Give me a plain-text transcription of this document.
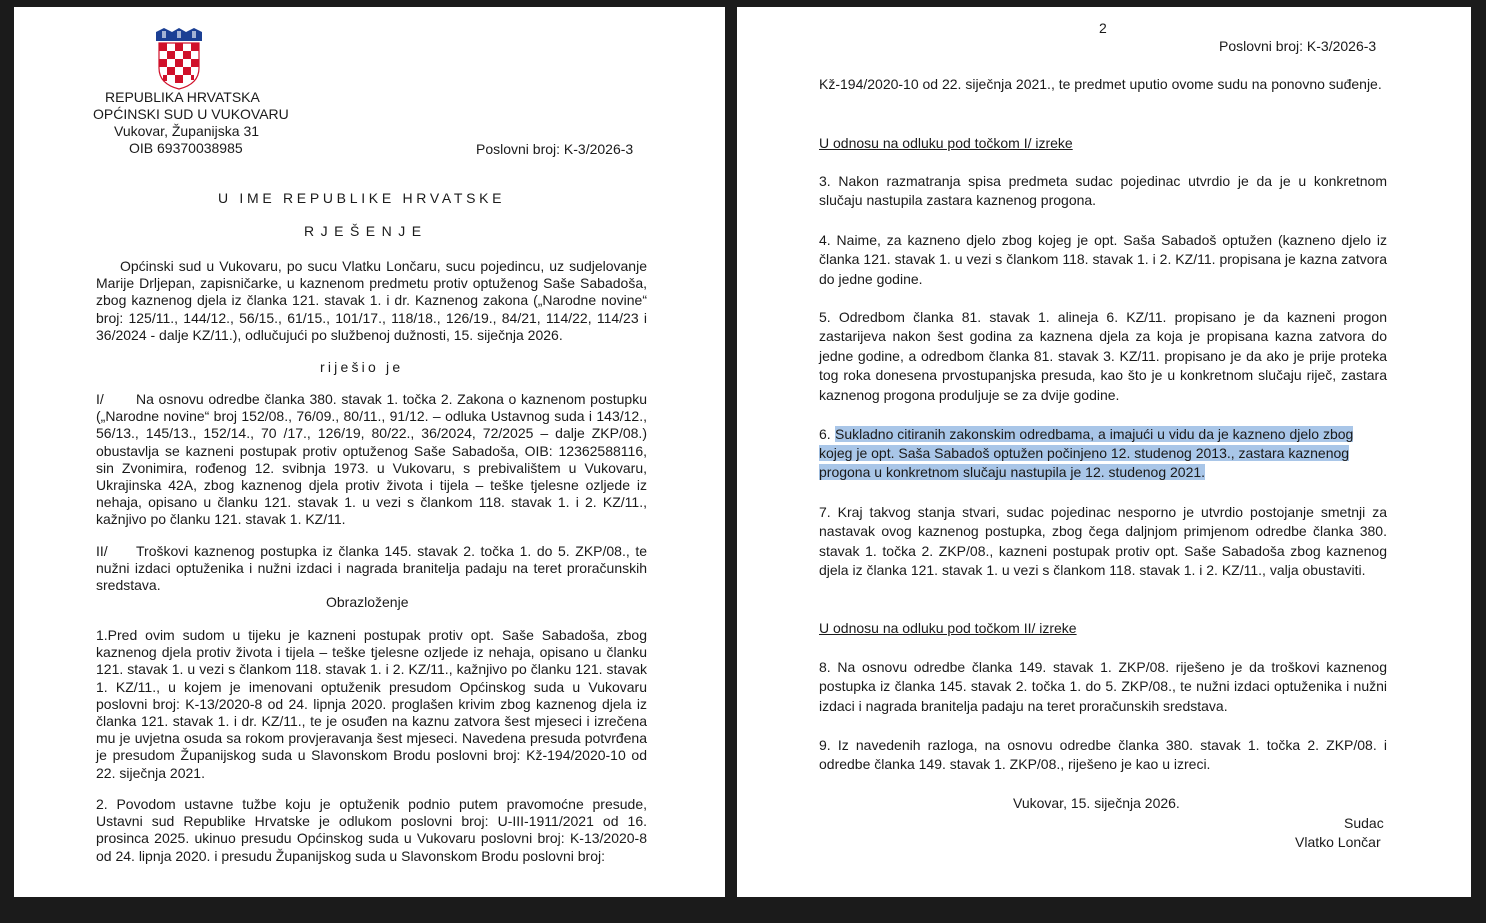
REPUBLIKA HRVATSKA

OPĆINSKI SUD U VUKOVARU

Vukovar, Županijska 31

OIB 69370038985	Poslovni broj: K-3/2026-3

U IME REPUBLIKE HRVATSKE

RJEŠENJE

Općinski sud u Vukovaru, po sucu Vlatku Lončaru, sucu pojedincu, uz sudjelovanje Marije Drljepan, zapisničarke, u kaznenom predmetu protiv optuženog Saše Sabadoša, zbog kaznenog djela iz članka 121. stavak 1. i dr. Kaznenog zakona („Narodne novine“ broj: 125/11., 144/12., 56/15., 61/15., 101/17., 118/18., 126/19., 84/21, 114/22, 114/23 i 36/2024 - dalje KZ/11.), odlučujući po službenoj dužnosti, 15. siječnja 2026.

riješio je

I/	Na osnovu odredbe članka 380. stavak 1. točka 2. Zakona o kaznenom postupku („Narodne novine“ broj 152/08., 76/09., 80/11., 91/12. – odluka Ustavnog suda i 143/12., 56/13., 145/13., 152/14., 70 /17., 126/19, 80/22., 36/2024, 72/2025 – dalje ZKP/08.) obustavlja se kazneni postupak protiv optuženog Saše Sabadoša, OIB: 12362588116, sin Zvonimira, rođenog 12. svibnja 1973. u Vukovaru, s prebivalištem u Vukovaru, Ukrajinska 42A, zbog kaznenog djela protiv života i tijela – teške tjelesne ozljede iz nehaja, opisano u članku 121. stavak 1. u vezi s člankom 118. stavak 1. i 2. KZ/11., kažnjivo po članku 121. stavak 1. KZ/11.

II/	Troškovi kaznenog postupka iz članka 145. stavak 2. točka 1. do 5. ZKP/08., te nužni izdaci optuženika i nužni izdaci i nagrada branitelja padaju na teret proračunskih sredstava.

Obrazloženje

1.Pred ovim sudom u tijeku je kazneni postupak protiv opt. Saše Sabadoša, zbog kaznenog djela protiv života i tijela – teške tjelesne ozljede iz nehaja, opisano u članku 121. stavak 1. u vezi s člankom 118. stavak 1. i 2. KZ/11., kažnjivo po članku 121. stavak 1. KZ/11., u kojem je imenovani optuženik presudom Općinskog suda u Vukovaru poslovni broj: K-13/2020-8 od 24. lipnja 2020. proglašen krivim zbog kaznenog djela iz članka 121. stavak 1. i dr. KZ/11., te je osuđen na kaznu zatvora šest mjeseci i izrečena mu je uvjetna osuda sa rokom provjeravanja šest mjeseci. Navedena presuda potvrđena je presudom Županijskog suda u Slavonskom Brodu poslovni broj: Kž-194/2020-10 od 22. siječnja 2021.

2. Povodom ustavne tužbe koju je optuženik podnio putem pravomoćne presude, Ustavni sud Republike Hrvatske je odlukom poslovni broj: U-III-1911/2021 od 16. prosinca 2025. ukinuo presudu Općinskog suda u Vukovaru poslovni broj: K-13/2020-8 od 24. lipnja 2020. i presudu Županijskog suda u Slavonskom Brodu poslovni broj:

2

Poslovni broj: K-3/2026-3

Kž-194/2020-10 od 22. siječnja 2021., te predmet uputio ovome sudu na ponovno suđenje.

U odnosu na odluku pod točkom I/ izreke

3. Nakon razmatranja spisa predmeta sudac pojedinac utvrdio je da je u konkretnom slučaju nastupila zastara kaznenog progona.

4. Naime, za kazneno djelo zbog kojeg je opt. Saša Sabadoš optužen (kazneno djelo iz članka 121. stavak 1. u vezi s člankom 118. stavak 1. i 2. KZ/11. propisana je kazna zatvora do jedne godine.

5. Odredbom članka 81. stavak 1. alineja 6. KZ/11. propisano je da kazneni progon zastarijeva nakon šest godina za kaznena djela za koja je propisana kazna zatvora do jedne godine, a odredbom članka 81. stavak 3. KZ/11. propisano je da ako je prije proteka tog roka donesena prvostupanjska presuda, kao što je u konkretnom slučaju riječ, zastara kaznenog progona produljuje se za dvije godine.

6. Sukladno citiranih zakonskim odredbama, a imajući u vidu da je kazneno djelo zbog

kojeg je opt. Saša Sabadoš optužen počinjeno 12. studenog 2013., zastara kaznenog

progona u konkretnom slučaju nastupila je 12. studenog 2021.

7. Kraj takvog stanja stvari, sudac pojedinac nesporno je utvrdio postojanje smetnji za nastavak ovog kaznenog postupka, zbog čega daljnjom primjenom odredbe članka 380. stavak 1. točka 2. ZKP/08., kazneni postupak protiv opt. Saše Sabadoša zbog kaznenog djela iz članka 121. stavak 1. u vezi s člankom 118. stavak 1. i 2. KZ/11., valja obustaviti.

U odnosu na odluku pod točkom II/ izreke

8. Na osnovu odredbe članka 149. stavak 1. ZKP/08. riješeno je da troškovi kaznenog postupka iz članka 145. stavak 2. točka 1. do 5. ZKP/08., te nužni izdaci optuženika i nužni izdaci i nagrada branitelja padaju na teret proračunskih sredstava.

9. Iz navedenih razloga, na osnovu odredbe članka 380. stavak 1. točka 2. ZKP/08. i odredbe članka 149. stavak 1. ZKP/08., riješeno je kao u izreci.

Vukovar, 15. siječnja 2026.

Sudac

Vlatko Lončar
